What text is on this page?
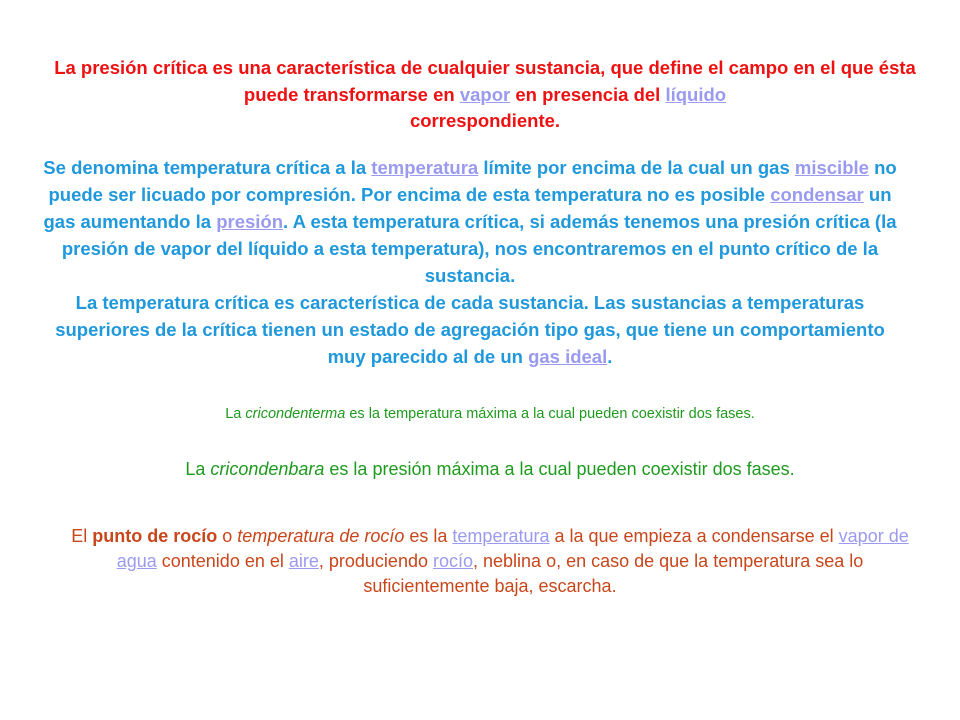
La presión crítica es una característica de cualquier sustancia, que define el campo en el que ésta puede transformarse en vapor en presencia del líquido
correspondiente.
Se denomina temperatura crítica a la temperatura límite por encima de la cual un gas miscible no puede ser licuado por compresión. Por encima de esta temperatura no es posible condensar un gas aumentando la presión. A esta temperatura crítica, si además tenemos una presión crítica (la presión de vapor del líquido a esta temperatura), nos encontraremos en el punto crítico de la sustancia.
La temperatura crítica es característica de cada sustancia. Las sustancias a temperaturas superiores de la crítica tienen un estado de agregación tipo gas, que tiene un comportamiento muy parecido al de un gas ideal.
La cricondenterma es la temperatura máxima a la cual pueden coexistir dos fases.
La cricondenbara es la presión máxima a la cual pueden coexistir dos fases.
El punto de rocío o temperatura de rocío es la temperatura a la que empieza a condensarse el vapor de agua contenido en el aire, produciendo rocío, neblina o, en caso de que la temperatura sea lo suficientemente baja, escarcha.
